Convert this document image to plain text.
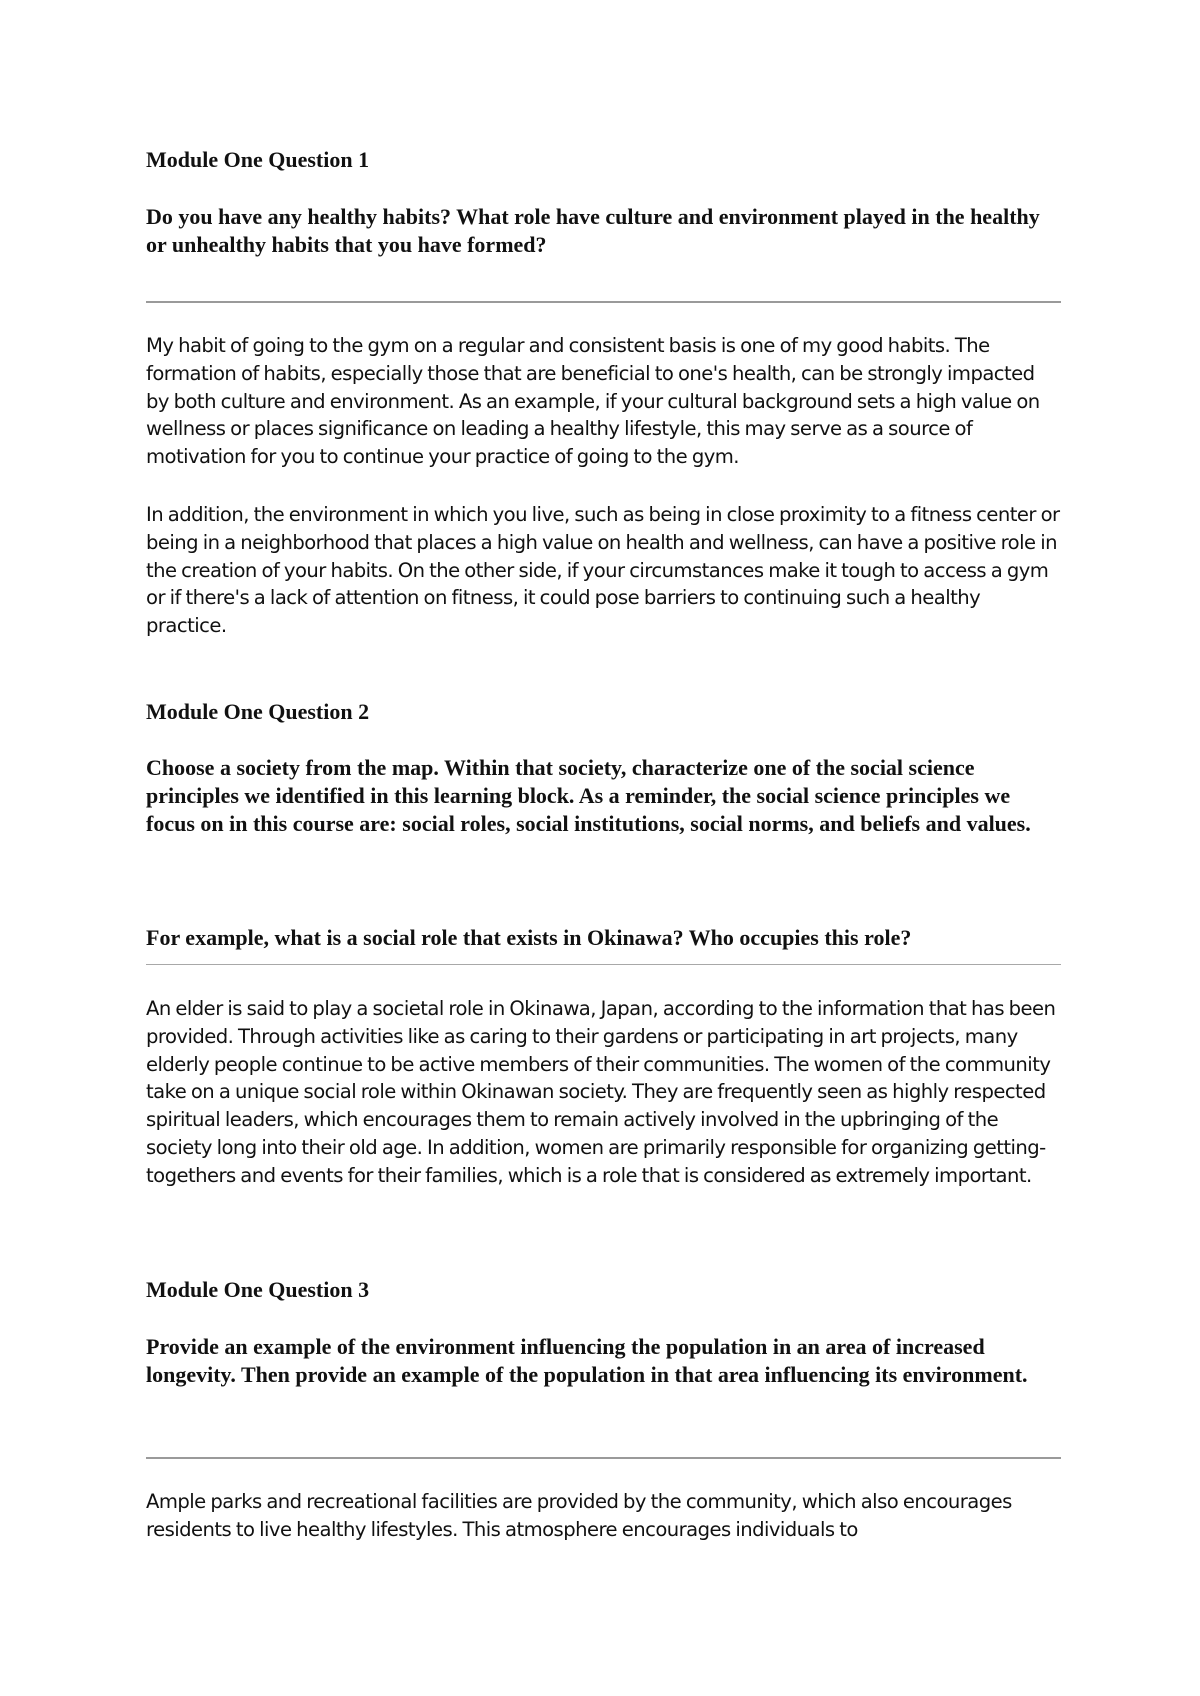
Module One Question 1

Do you have any healthy habits? What role have culture and environment played in the healthy or unhealthy habits that you have formed?

My habit of going to the gym on a regular and consistent basis is one of my good habits. The formation of habits, especially those that are beneficial to one's health, can be strongly impacted by both culture and environment. As an example, if your cultural background sets a high value on wellness or places significance on leading a healthy lifestyle, this may serve as a source of motivation for you to continue your practice of going to the gym.

In addition, the environment in which you live, such as being in close proximity to a fitness center or being in a neighborhood that places a high value on health and wellness, can have a positive role in the creation of your habits. On the other side, if your circumstances make it tough to access a gym or if there's a lack of attention on fitness, it could pose barriers to continuing such a healthy practice.

Module One Question 2

Choose a society from the map. Within that society, characterize one of the social science principles we identified in this learning block. As a reminder, the social science principles we focus on in this course are: social roles, social institutions, social norms, and beliefs and values.

For example, what is a social role that exists in Okinawa? Who occupies this role?

An elder is said to play a societal role in Okinawa, Japan, according to the information that has been provided. Through activities like as caring to their gardens or participating in art projects, many elderly people continue to be active members of their communities. The women of the community take on a unique social role within Okinawan society. They are frequently seen as highly respected spiritual leaders, which encourages them to remain actively involved in the upbringing of the society long into their old age. In addition, women are primarily responsible for organizing getting-togethers and events for their families, which is a role that is considered as extremely important.

Module One Question 3

Provide an example of the environment influencing the population in an area of increased longevity. Then provide an example of the population in that area influencing its environment.

Ample parks and recreational facilities are provided by the community, which also encourages residents to live healthy lifestyles. This atmosphere encourages individuals to
